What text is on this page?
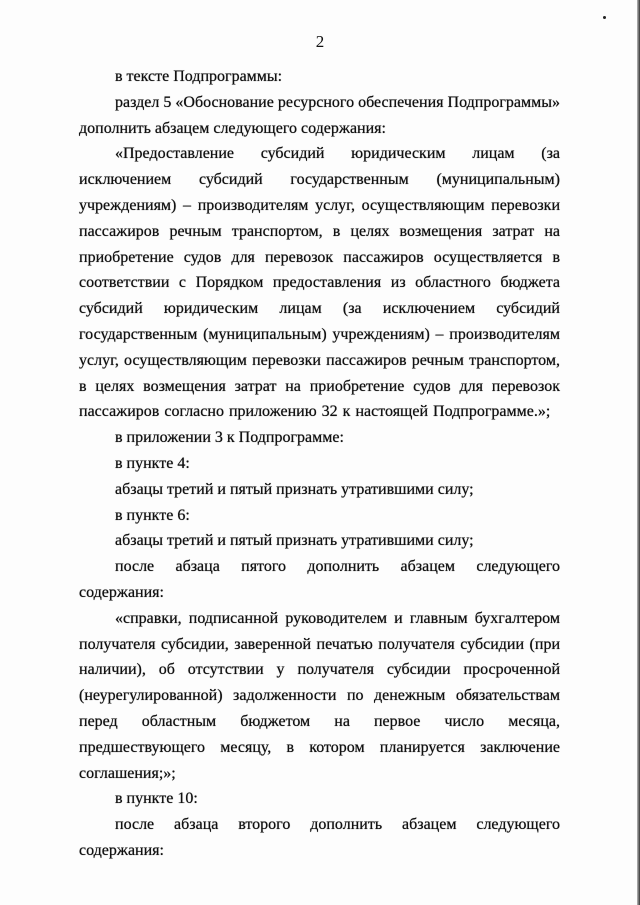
2

в тексте Подпрограммы:

раздел 5 «Обоснование ресурсного обеспечения Подпрограммы» дополнить абзацем следующего содержания:

«Предоставление субсидий юридическим лицам (за исключением субсидий государственным (муниципальным) учреждениям) – производителям услуг, осуществляющим перевозки пассажиров речным транспортом, в целях возмещения затрат на приобретение судов для перевозок пассажиров осуществляется в соответствии с Порядком предоставления из областного бюджета субсидий юридическим лицам (за исключением субсидий государственным (муниципальным) учреждениям) – производителям услуг, осуществляющим перевозки пассажиров речным транспортом, в целях возмещения затрат на приобретение судов для перевозок пассажиров согласно приложению 32 к настоящей Подпрограмме.»;

в приложении 3 к Подпрограмме:

в пункте 4:

абзацы третий и пятый признать утратившими силу;

в пункте 6:

абзацы третий и пятый признать утратившими силу;

после абзаца пятого дополнить абзацем следующего содержания:

«справки, подписанной руководителем и главным бухгалтером получателя субсидии, заверенной печатью получателя субсидии (при наличии), об отсутствии у получателя субсидии просроченной (неурегулированной) задолженности по денежным обязательствам перед областным бюджетом на первое число месяца, предшествующего месяцу, в котором планируется заключение соглашения;»;

в пункте 10:

после абзаца второго дополнить абзацем следующего содержания:
